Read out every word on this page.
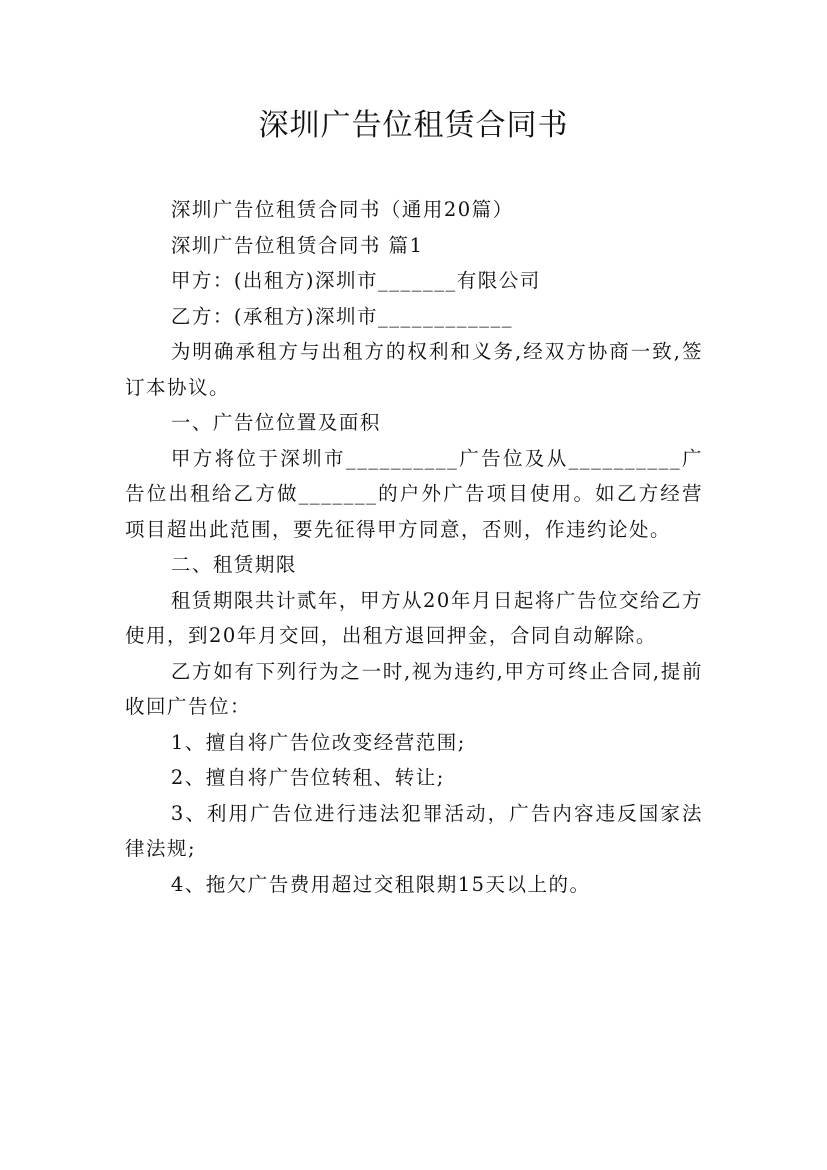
深圳广告位租赁合同书

深圳广告位租赁合同书（通用20篇）

深圳广告位租赁合同书 篇1

甲方：(出租方)深圳市_______有限公司

乙方：(承租方)深圳市____________

为明确承租方与出租方的权利和义务,经双方协商一致,签订本协议。

一、广告位位置及面积

甲方将位于深圳市__________广告位及从__________广告位出租给乙方做_______的户外广告项目使用。如乙方经营项目超出此范围，要先征得甲方同意，否则，作违约论处。

二、租赁期限

租赁期限共计贰年，甲方从20年月日起将广告位交给乙方使用，到20年月交回，出租方退回押金，合同自动解除。

乙方如有下列行为之一时,视为违约,甲方可终止合同,提前收回广告位：

1、擅自将广告位改变经营范围;

2、擅自将广告位转租、转让;

3、利用广告位进行违法犯罪活动，广告内容违反国家法律法规;

4、拖欠广告费用超过交租限期15天以上的。
